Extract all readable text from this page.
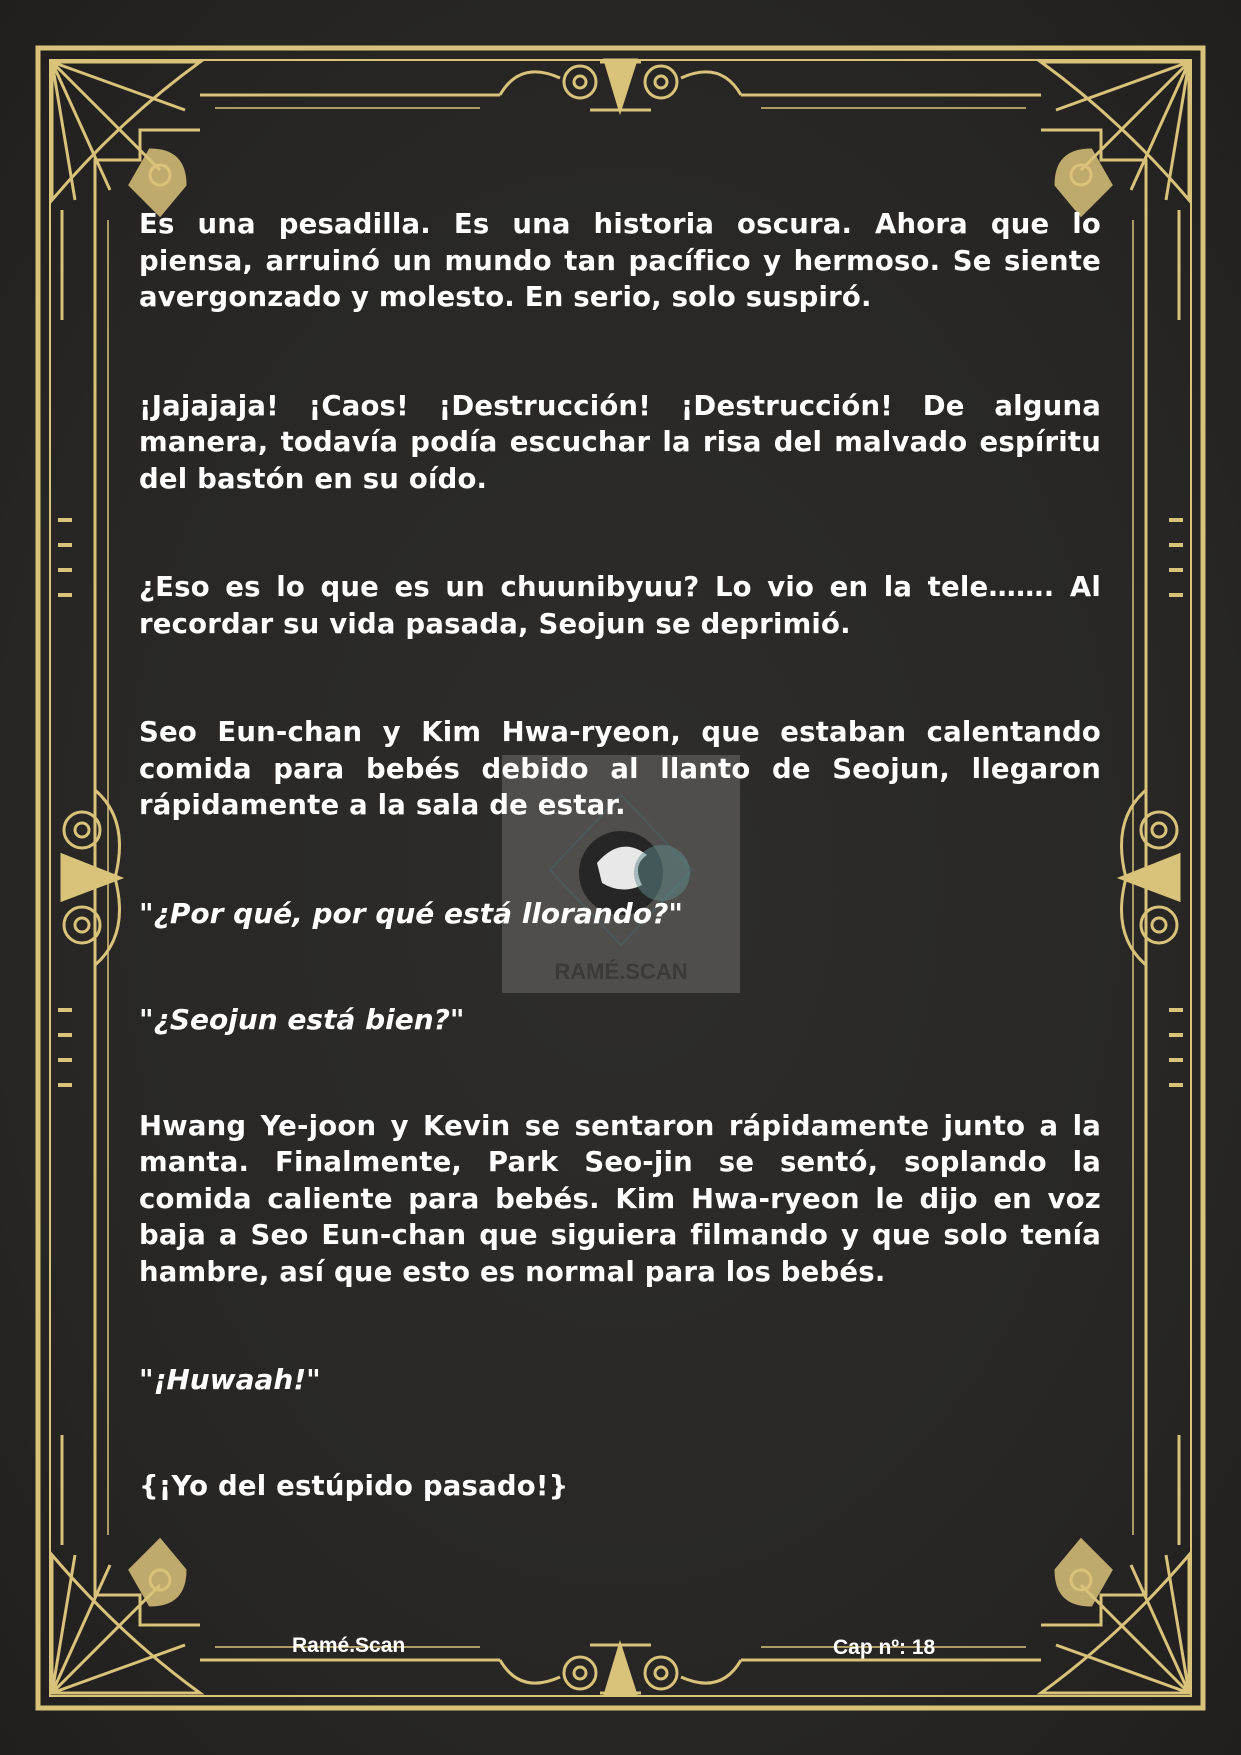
RAMÉ.SCAN

Es una pesadilla. Es una historia oscura. Ahora que lo piensa, arruinó un mundo tan pacífico y hermoso. Se siente avergonzado y molesto. En serio, solo suspiró.

¡Jajajaja! ¡Caos! ¡Destrucción! ¡Destrucción! De alguna manera, todavía podía escuchar la risa del malvado espíritu del bastón en su oído.

¿Eso es lo que es un chuunibyuu? Lo vio en la tele……. Al recordar su vida pasada, Seojun se deprimió.

Seo Eun-chan y Kim Hwa-ryeon, que estaban calentando comida para bebés debido al llanto de Seojun, llegaron rápidamente a la sala de estar.

"¿Por qué, por qué está llorando?"

"¿Seojun está bien?"

Hwang Ye-joon y Kevin se sentaron rápidamente junto a la manta. Finalmente, Park Seo-jin se sentó, soplando la comida caliente para bebés. Kim Hwa-ryeon le dijo en voz baja a Seo Eun-chan que siguiera filmando y que solo tenía hambre, así que esto es normal para los bebés.

"¡Huwaah!"

{¡Yo del estúpido pasado!}

Ramé.Scan	Cap nº: 18
